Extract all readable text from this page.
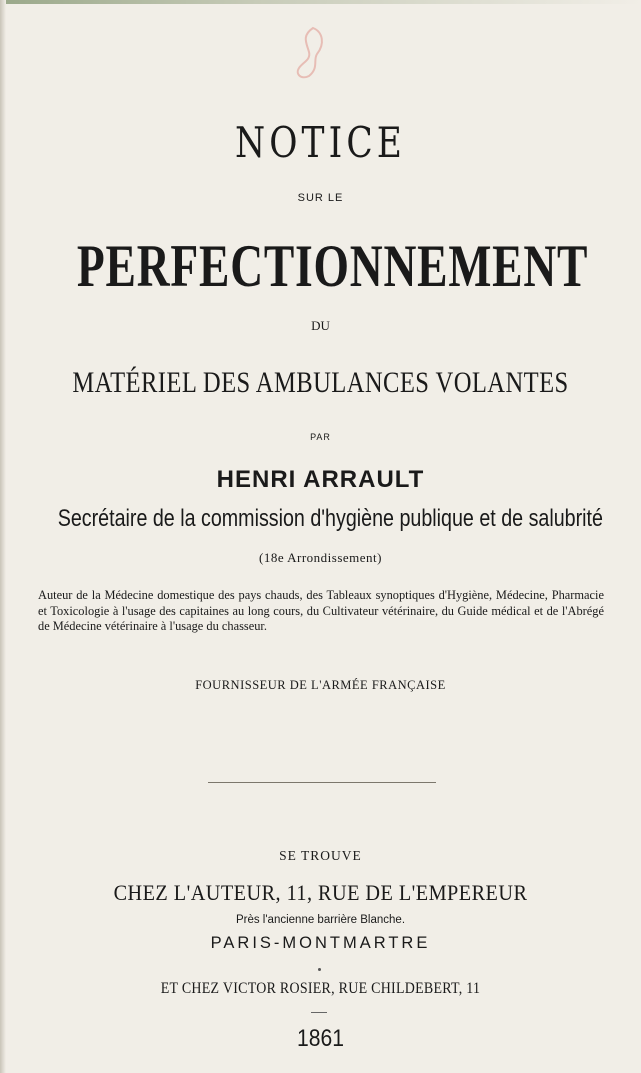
NOTICE
SUR LE
PERFECTIONNEMENT
DU
MATÉRIEL DES AMBULANCES VOLANTES
PAR
HENRI ARRAULT
Secrétaire de la commission d'hygiène publique et de salubrité
(18e Arrondissement)
Auteur de la Médecine domestique des pays chauds, des Tableaux synoptiques d'Hygiène, Médecine, Pharmacie et Toxicologie à l'usage des capitaines au long cours, du Cultivateur vétérinaire, du Guide médical et de l'Abrégé de Médecine vétérinaire à l'usage du chasseur.
FOURNISSEUR DE L'ARMÉE FRANÇAISE
SE TROUVE
CHEZ L'AUTEUR, 11, RUE DE L'EMPEREUR
Près l'ancienne barrière Blanche.
PARIS-MONTMARTRE
ET CHEZ VICTOR ROSIER, RUE CHILDEBERT, 11
1861
